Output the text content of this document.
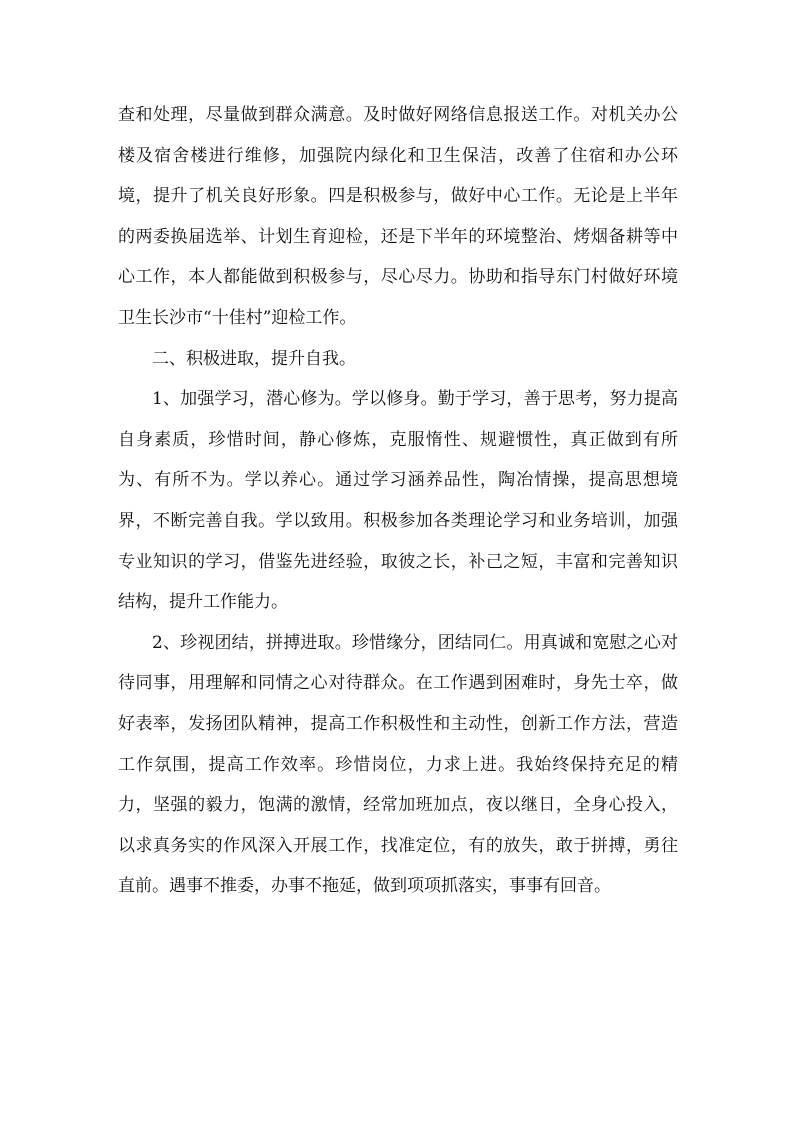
查和处理，尽量做到群众满意。及时做好网络信息报送工作。对机关办公楼及宿舍楼进行维修，加强院内绿化和卫生保洁，改善了住宿和办公环境，提升了机关良好形象。四是积极参与，做好中心工作。无论是上半年的两委换届选举、计划生育迎检，还是下半年的环境整治、烤烟备耕等中心工作，本人都能做到积极参与，尽心尽力。协助和指导东门村做好环境卫生长沙市“十佳村”迎检工作。

二、积极进取，提升自我。

1、加强学习，潜心修为。学以修身。勤于学习，善于思考，努力提高自身素质，珍惜时间，静心修炼，克服惰性、规避惯性，真正做到有所为、有所不为。学以养心。通过学习涵养品性，陶冶情操，提高思想境界，不断完善自我。学以致用。积极参加各类理论学习和业务培训，加强专业知识的学习，借鉴先进经验，取彼之长，补己之短，丰富和完善知识结构，提升工作能力。

2、珍视团结，拼搏进取。珍惜缘分，团结同仁。用真诚和宽慰之心对待同事，用理解和同情之心对待群众。在工作遇到困难时，身先士卒，做好表率，发扬团队精神，提高工作积极性和主动性，创新工作方法，营造工作氛围，提高工作效率。珍惜岗位，力求上进。我始终保持充足的精力，坚强的毅力，饱满的激情，经常加班加点，夜以继日，全身心投入，以求真务实的作风深入开展工作，找准定位，有的放失，敢于拼搏，勇往直前。遇事不推委，办事不拖延，做到项项抓落实，事事有回音。
